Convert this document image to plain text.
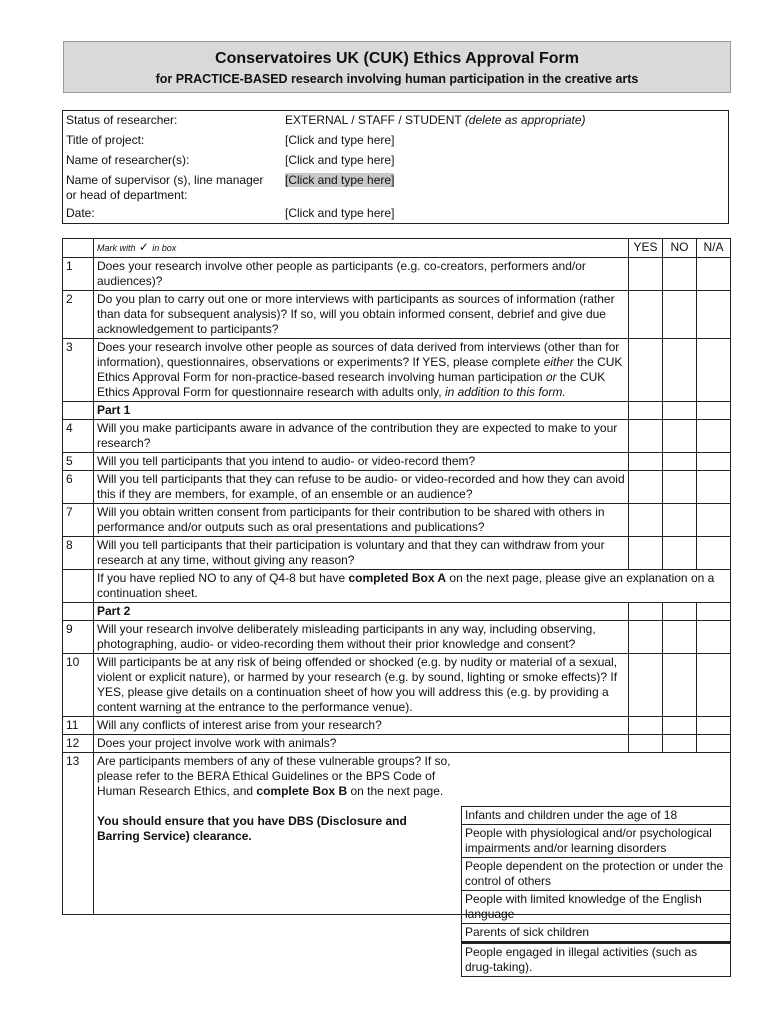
Conservatoires UK (CUK) Ethics Approval Form
for PRACTICE-BASED research involving human participation in the creative arts
Status of researcher:	EXTERNAL / STAFF / STUDENT (delete as appropriate)
Title of project:	[Click and type here]
Name of researcher(s):	[Click and type here]
Name of supervisor (s), line manager
or head of department:
[Click and type here]
Date:	[Click and type here]
	Mark with ✓ in box	YES	NO	N/A
1	Does your research involve other people as participants (e.g. co-creators, performers and/or audiences)?			
2	Do you plan to carry out one or more interviews with participants as sources of information (rather than data for subsequent analysis)? If so, will you obtain informed consent, debrief and give due acknowledgement to participants?			
3	Does your research involve other people as sources of data derived from interviews (other than for information), questionnaires, observations or experiments? If YES, please complete either the CUK Ethics Approval Form for non-practice-based research involving human participation or the CUK Ethics Approval Form for questionnaire research with adults only, in addition to this form.			
	Part 1			
4	Will you make participants aware in advance of the contribution they are expected to make to your research?			
5	Will you tell participants that you intend to audio- or video-record them?			
6	Will you tell participants that they can refuse to be audio- or video-recorded and how they can avoid this if they are members, for example, of an ensemble or an audience?			
7	Will you obtain written consent from participants for their contribution to be shared with others in performance and/or outputs such as oral presentations and publications?			
8	Will you tell participants that their participation is voluntary and that they can withdraw from your research at any time, without giving any reason?			
	If you have replied NO to any of Q4-8 but have completed Box A on the next page, please give an explanation on a continuation sheet.			
	Part 2			
9	Will your research involve deliberately misleading participants in any way, including observing, photographing, audio- or video-recording them without their prior knowledge and consent?			
10	Will participants be at any risk of being offended or shocked (e.g. by nudity or material of a sexual, violent or explicit nature), or harmed by your research (e.g. by sound, lighting or smoke effects)? If YES, please give details on a continuation sheet of how you will address this (e.g. by providing a content warning at the entrance to the performance venue).			
11	Will any conflicts of interest arise from your research?			
12	Does your project involve work with animals?			
13	Are participants members of any of these vulnerable groups? If so, please refer to the BERA Ethical Guidelines or the BPS Code of Human Research Ethics, and complete Box B on the next page.
You should ensure that you have DBS (Disclosure and Barring Service) clearance.			
Infants and children under the age of 18
People with physiological and/or psychological impairments and/or learning disorders
People dependent on the protection or under the control of others
People with limited knowledge of the English language
Parents of sick children
People engaged in illegal activities (such as drug-taking).
